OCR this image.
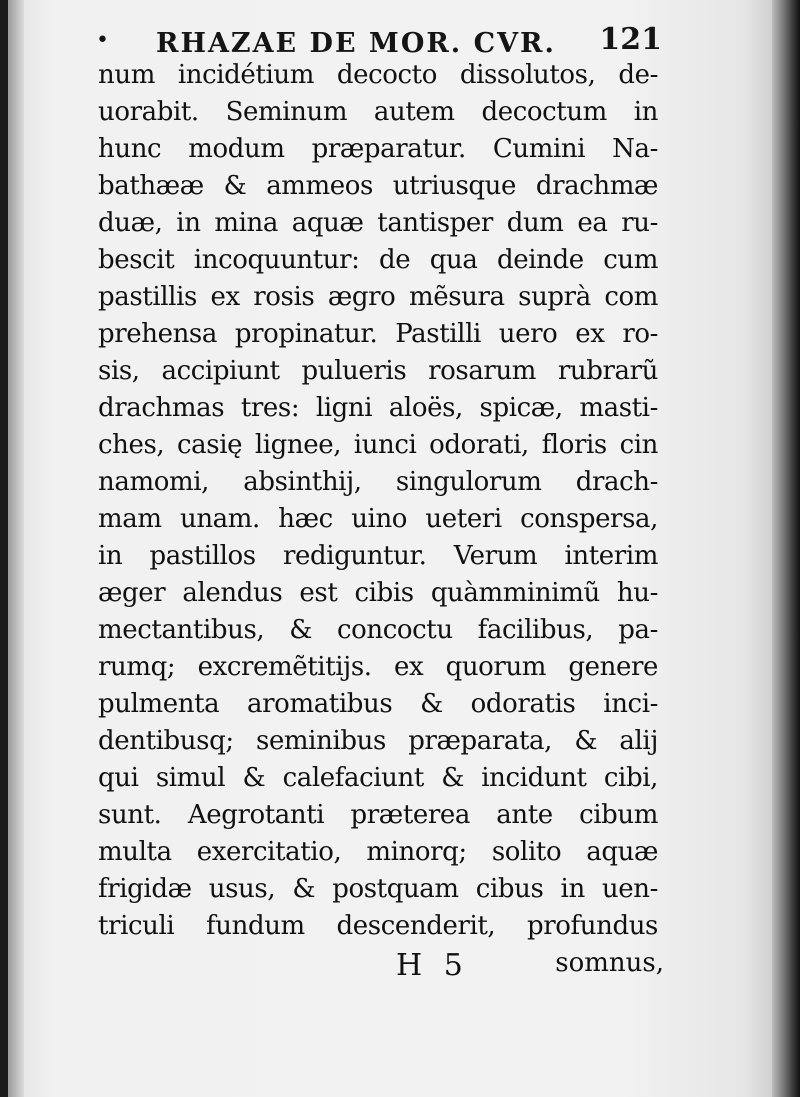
• RHAZAE DE MOR. CVR. 121
num incidétium decocto dissolutos, de-
uorabit. Seminum autem decoctum in
hunc modum præparatur. Cumini Na-
bathææ & ammeos utriusque drachmæ
duæ, in mina aquæ tantisper dum ea ru-
bescit incoquuntur: de qua deinde cum
pastillis ex rosis ægro mẽsura suprà com
prehensa propinatur. Pastilli uero ex ro-
sis, accipiunt pulueris rosarum rubrarũ
drachmas tres: ligni aloës, spicæ, masti-
ches, casię lignee, iunci odorati, floris cin
namomi, absinthij, singulorum drach-
mam unam. hæc uino ueteri conspersa,
in pastillos rediguntur. Verum interim
æger alendus est cibis quàmminimũ hu-
mectantibus, & concoctu facilibus, pa-
rumq; excremẽtitijs. ex quorum genere
pulmenta aromatibus & odoratis inci-
dentibusq; seminibus præparata, & alij
qui simul & calefaciunt & incidunt cibi,
sunt. Aegrotanti præterea ante cibum
multa exercitatio, minorq; solito aquæ
frigidæ usus, & postquam cibus in uen-
triculi fundum descenderit, profundus
H 5	somnus,
